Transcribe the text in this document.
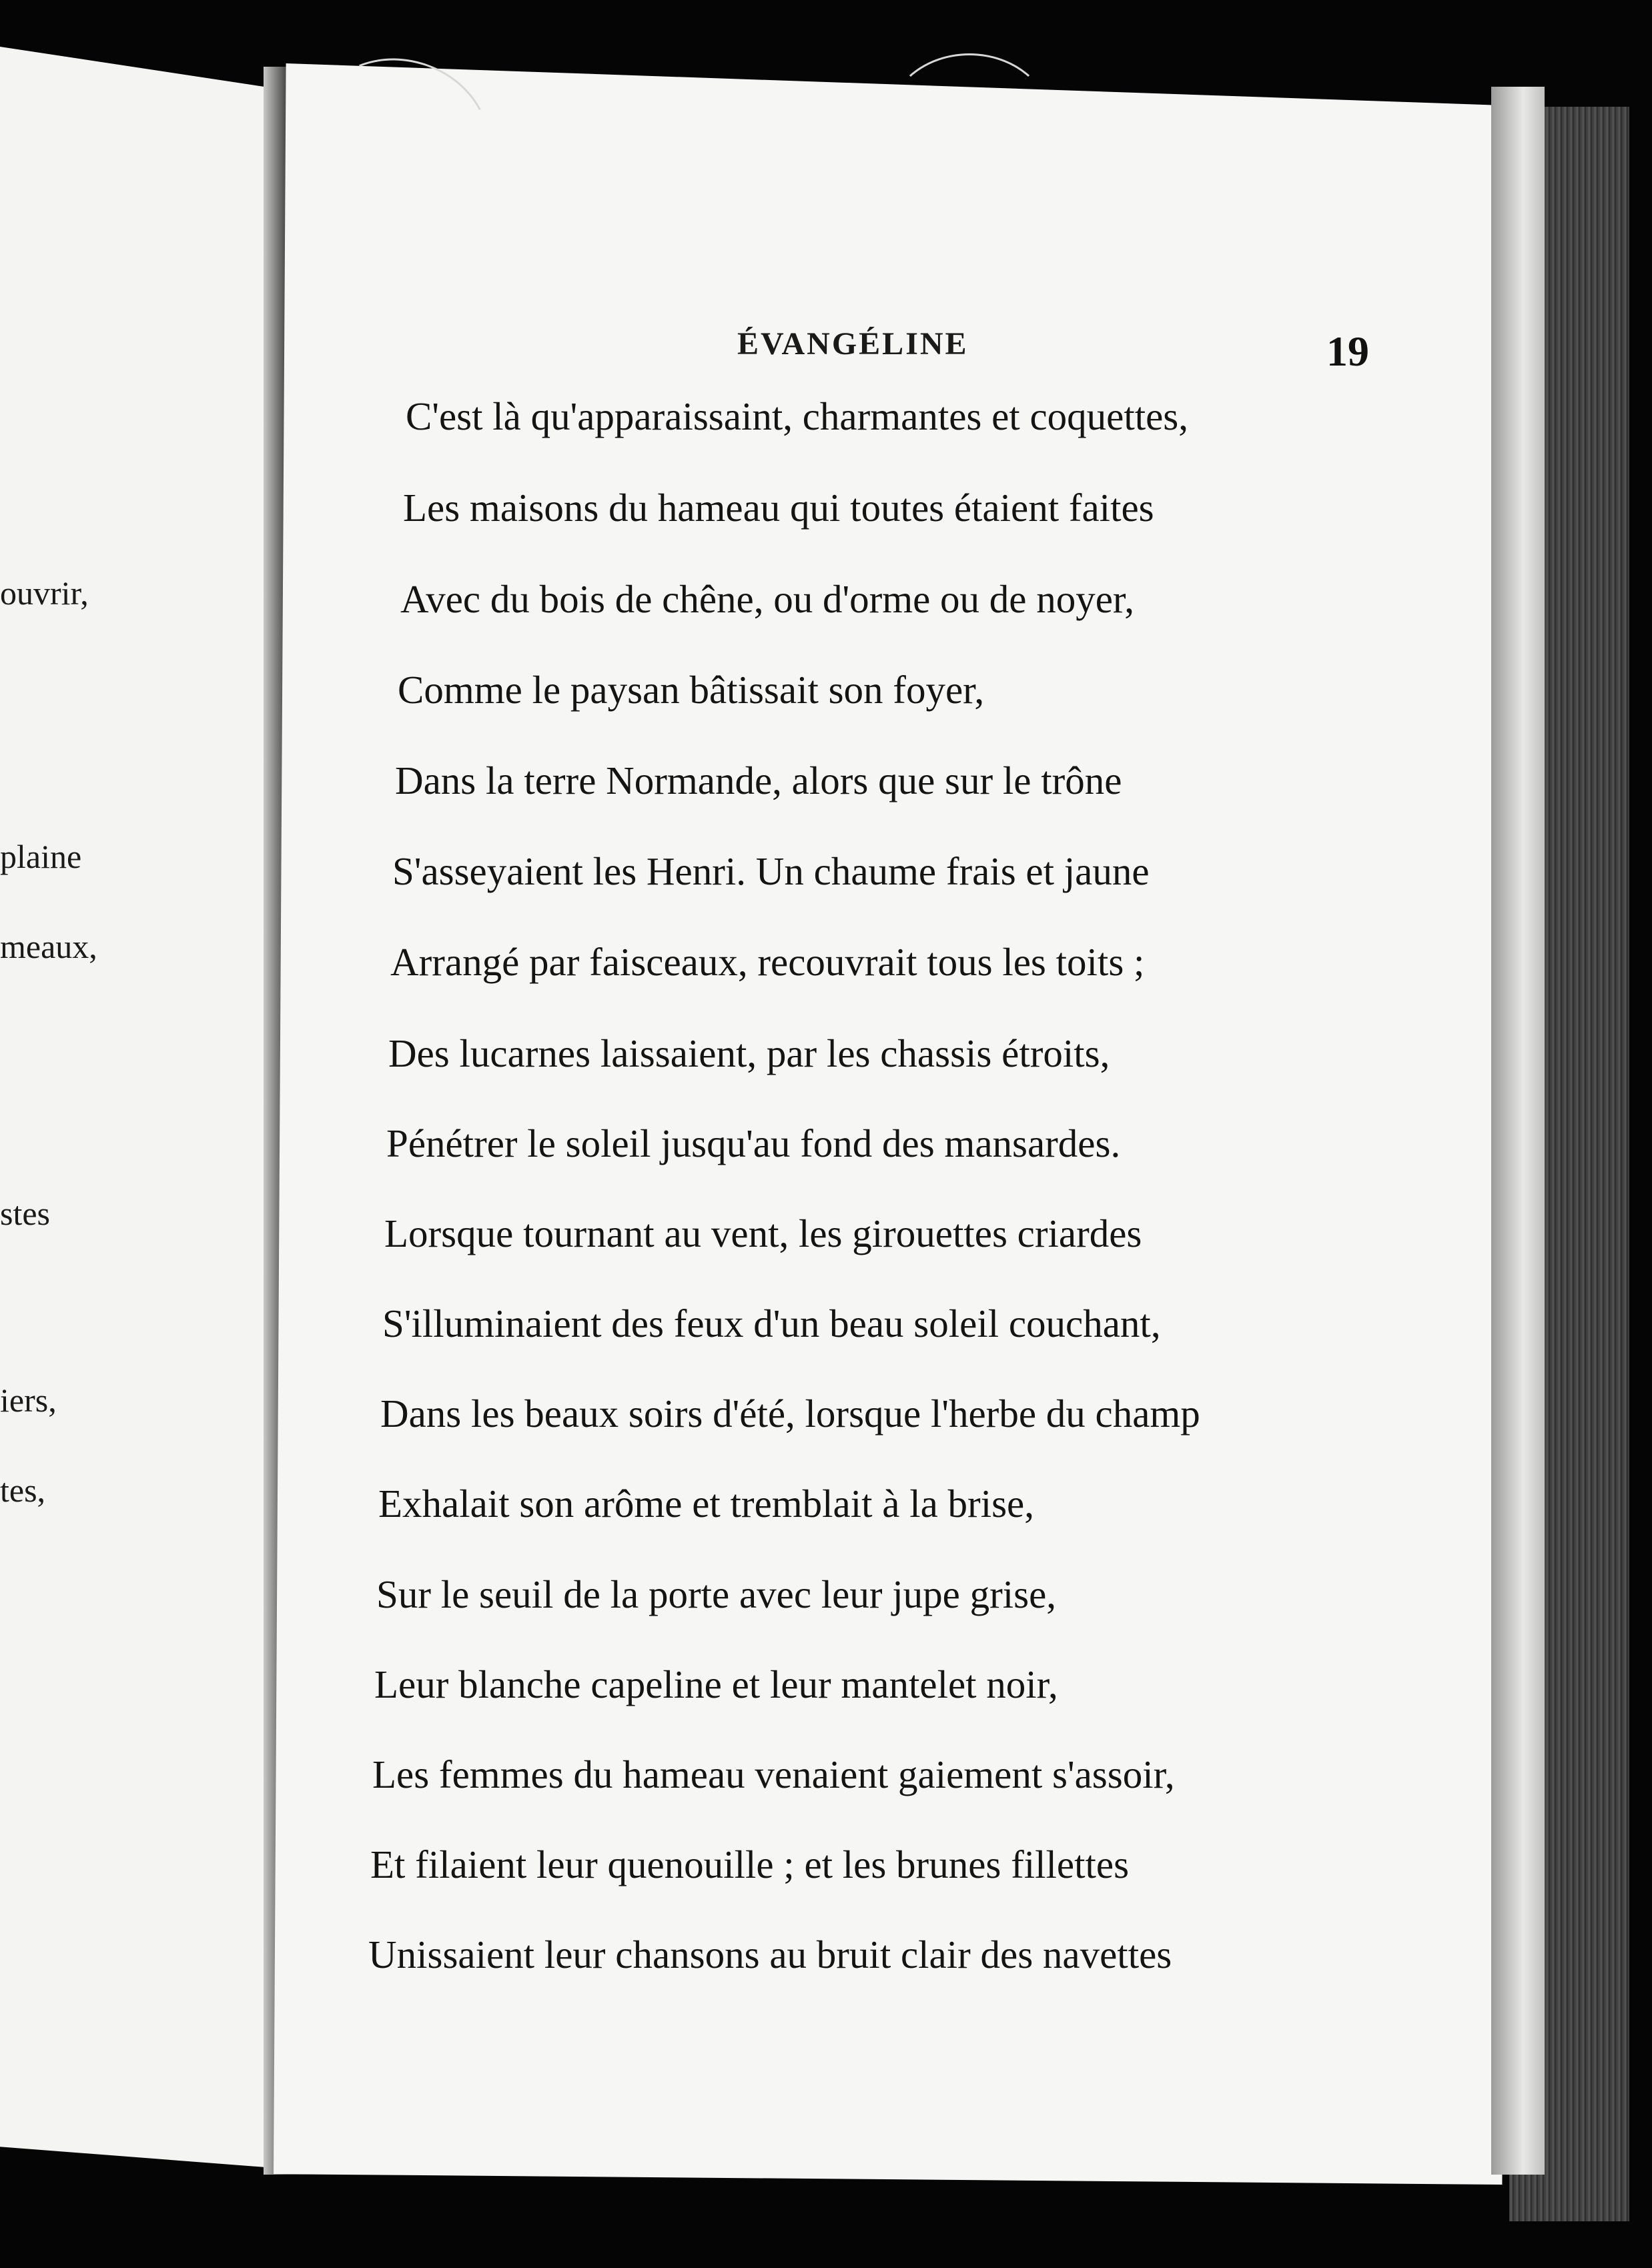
ouvrir,
plaine
meaux,
stes
iers,
tes,
ÉVANGÉLINE	19
C'est là qu'apparaissaint, charmantes et coquettes,
Les maisons du hameau qui toutes étaient faites
Avec du bois de chêne, ou d'orme ou de noyer,
Comme le paysan bâtissait son foyer,
Dans la terre Normande, alors que sur le trône
S'asseyaient les Henri. Un chaume frais et jaune
Arrangé par faisceaux, recouvrait tous les toits ;
Des lucarnes laissaient, par les chassis étroits,
Pénétrer le soleil jusqu'au fond des mansardes.
Lorsque tournant au vent, les girouettes criardes
S'illuminaient des feux d'un beau soleil couchant,
Dans les beaux soirs d'été, lorsque l'herbe du champ
Exhalait son arôme et tremblait à la brise,
Sur le seuil de la porte avec leur jupe grise,
Leur blanche capeline et leur mantelet noir,
Les femmes du hameau venaient gaiement s'assoir,
Et filaient leur quenouille ; et les brunes fillettes
Unissaient leur chansons au bruit clair des navettes
